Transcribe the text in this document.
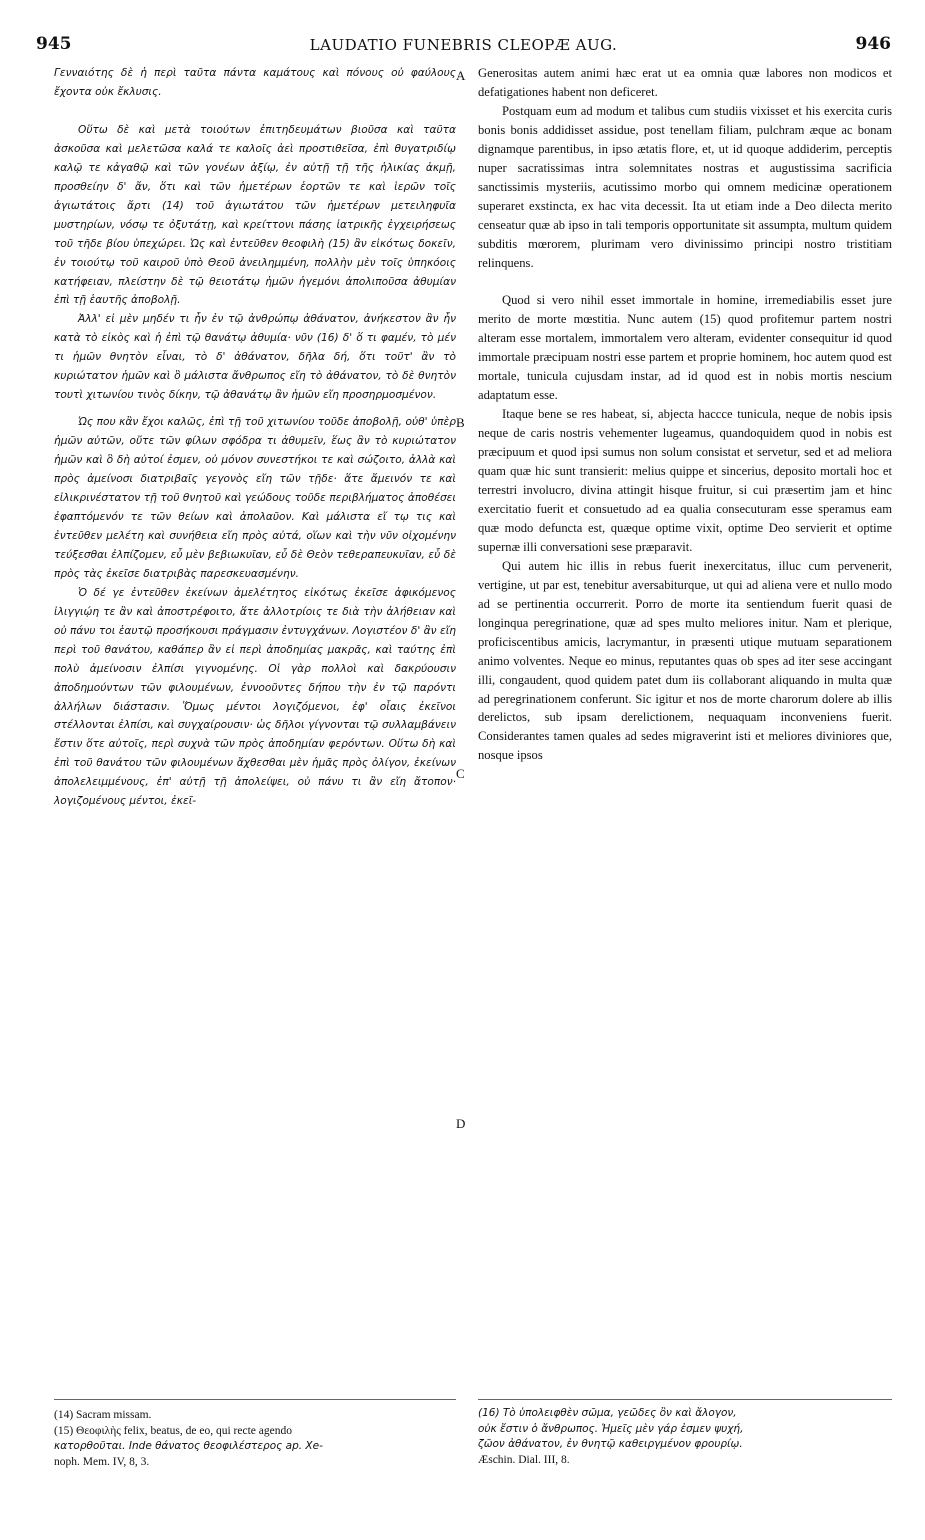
945	LAUDATIO FUNEBRIS CLEOPÆ AUG.	946

Γενναιότης δὲ ἡ περὶ ταῦτα πάντα καμάτους καὶ πόνους οὐ φαύλους ἔχοντα οὐκ ἔκλυσις.

Οὕτω δὲ καὶ μετὰ τοιούτων ἐπιτηδευμάτων βιοῦσα καὶ ταῦτα ἀσκοῦσα καὶ μελετῶσα καλά τε καλοῖς ἀεὶ προστιθεῖσα, ἐπὶ θυγατριδίῳ καλῷ τε κἀγαθῷ καὶ τῶν γονέων ἀξίῳ, ἐν αὐτῇ τῇ τῆς ἡλικίας ἀκμῇ, προσθείην δ' ἄν, ὅτι καὶ τῶν ἡμετέρων ἑορτῶν τε καὶ ἱερῶν τοῖς ἁγιωτάτοις ἄρτι (14) τοῦ ἁγιωτάτου τῶν ἡμετέρων μετειληφυῖα μυστηρίων, νόσῳ τε ὀξυτάτῃ, καὶ κρείττονι πάσης ἰατρικῆς ἐγχειρήσεως τοῦ τῆδε βίου ὑπεχώρει. Ὡς καὶ ἐντεῦθεν θεοφιλὴ (15) ἂν εἰκότως δοκεῖν, ἐν τοιούτῳ τοῦ καιροῦ ὑπὸ Θεοῦ ἀνειλημμένη, πολλὴν μὲν τοῖς ὑπηκόοις κατήφειαν, πλείστην δὲ τῷ θειοτάτῳ ἡμῶν ἡγεμόνι ἀπολιποῦσα ἀθυμίαν ἐπὶ τῇ ἑαυτῆς ἀποβολῇ.

Ἀλλ' εἰ μὲν μηδέν τι ἦν ἐν τῷ ἀνθρώπῳ ἀθάνατον, ἀνήκεστον ἂν ἦν κατὰ τὸ εἰκὸς καὶ ἡ ἐπὶ τῷ θανάτῳ ἀθυμία· νῦν (16) δ' ὅ τι φαμέν, τὸ μέν τι ἡμῶν θνητὸν εἶναι, τὸ δ' ἀθάνατον, δῆλα δή, ὅτι τοῦτ' ἂν τὸ κυριώτατον ἡμῶν καὶ ὃ μάλιστα ἄνθρωπος εἴη τὸ ἀθάνατον, τὸ δὲ θνητὸν τουτὶ χιτωνίου τινὸς δίκην, τῷ ἀθανάτῳ ἂν ἡμῶν εἴη προσηρμοσμένον.

Ὡς που κἂν ἔχοι καλῶς, ἐπὶ τῇ τοῦ χιτωνίου τοῦδε ἀποβολῇ, οὐθ' ὑπὲρ ἡμῶν αὐτῶν, οὔτε τῶν φίλων σφόδρα τι ἀθυμεῖν, ἕως ἂν τὸ κυριώτατον ἡμῶν καὶ ὃ δὴ αὐτοί ἐσμεν, οὐ μόνον συνεστήκοι τε καὶ σώζοιτο, ἀλλὰ καὶ πρὸς ἀμείνοσι διατριβαῖς γεγονὸς εἴη τῶν τῇδε· ἅτε ἄμεινόν τε καὶ εἰλικρινέστατον τῇ τοῦ θνητοῦ καὶ γεώδους τοῦδε περιβλήματος ἀποθέσει ἐφαπτόμενόν τε τῶν θείων καὶ ἀπολαῦον. Καὶ μάλιστα εἴ τῳ τις καὶ ἐντεῦθεν μελέτη καὶ συνήθεια εἴη πρὸς αὐτά, οἵων καὶ τὴν νῦν οἰχομένην τεύξεσθαι ἐλπίζομεν, εὖ μὲν βεβιωκυῖαν, εὖ δὲ Θεὸν τεθεραπευκυῖαν, εὖ δὲ πρὸς τὰς ἐκεῖσε διατριβὰς παρεσκευασμένην.

Ὁ δέ γε ἐντεῦθεν ἐκείνων ἀμελέτητος εἰκότως ἐκεῖσε ἀφικόμενος ἰλιγγιῴη τε ἂν καὶ ἀποστρέφοιτο, ἅτε ἀλλοτρίοις τε διὰ τὴν ἀλήθειαν καὶ οὐ πάνυ τοι ἑαυτῷ προσήκουσι πράγμασιν ἐντυγχάνων. Λογιστέον δ' ἂν εἴη περὶ τοῦ θανάτου, καθάπερ ἂν εἰ περὶ ἀποδημίας μακρᾶς, καὶ ταύτης ἐπὶ πολὺ ἀμείνοσιν ἐλπίσι γιγνομένης. Οἱ γὰρ πολλοὶ καὶ δακρύουσιν ἀποδημούντων τῶν φιλουμένων, ἐννοοῦντες δήπου τὴν ἐν τῷ παρόντι ἀλλήλων διάστασιν. Ὅμως μέντοι λογιζόμενοι, ἐφ' οἷαις ἐκεῖνοι στέλλονται ἐλπίσι, καὶ συγχαίρουσιν· ὡς δῆλοι γίγνονται τῷ συλλαμβάνειν ἔστιν ὅτε αὐτοῖς, περὶ συχνὰ τῶν πρὸς ἀποδημίαν φερόντων. Οὕτω δὴ καὶ ἐπὶ τοῦ θανάτου τῶν φιλουμένων ἄχθεσθαι μὲν ἡμᾶς πρὸς ὀλίγον, ἐκείνων ἀπολελειμμένους, ἐπ' αὐτῇ τῇ ἀπολείψει, οὐ πάνυ τι ἂν εἴη ἄτοπον· λογιζομένους μέντοι, ἐκεῖ-

Generositas autem animi hæc erat ut ea omnia quæ labores non modicos et defatigationes habent non deficeret.

Postquam eum ad modum et talibus cum studiis vixisset et his exercita curis bonis bonis addidisset assidue, post tenellam filiam, pulchram æque ac bonam dignamque parentibus, in ipso ætatis flore, et, ut id quoque addiderim, perceptis nuper sacratissimas intra solemnitates nostras et augustissima sacrificia sanctissimis mysteriis, acutissimo morbo qui omnem medicinæ operationem superaret exstincta, ex hac vita decessit. Ita ut etiam inde a Deo dilecta merito censeatur quæ ab ipso in tali temporis opportunitate sit assumpta, multum quidem subditis mœrorem, plurimam vero divinissimo principi nostro tristitiam relinquens.

Quod si vero nihil esset immortale in homine, irremediabilis esset jure merito de morte mœstitia. Nunc autem (15) quod profitemur partem nostri alteram esse mortalem, immortalem vero alteram, evidenter consequitur id quod immortale præcipuam nostri esse partem et proprie hominem, hoc autem quod est mortale, tunicula cujusdam instar, ad id quod est in nobis mortis nescium adaptatum esse.

Itaque bene se res habeat, si, abjecta haccce tunicula, neque de nobis ipsis neque de caris nostris vehementer lugeamus, quandoquidem quod in nobis est præcipuum et quod ipsi sumus non solum consistat et servetur, sed et ad meliora quam quæ hic sunt transierit: melius quippe et sincerius, deposito mortali hoc et terrestri involucro, divina attingit hisque fruitur, si cui præsertim jam et hinc exercitatio fuerit et consuetudo ad ea qualia consecuturam esse speramus eam quæ modo defuncta est, quæque optime vixit, optime Deo servierit et optime supernæ illi conversationi sese præparavit.

Qui autem hic illis in rebus fuerit inexercitatus, illuc cum pervenerit, vertigine, ut par est, tenebitur aversabiturque, ut qui ad aliena vere et nullo modo ad se pertinentia occurrerit. Porro de morte ita sentiendum fuerit quasi de longinqua peregrinatione, quæ ad spes multo meliores initur. Nam et plerique, proficiscentibus amicis, lacrymantur, in præsenti utique mutuam separationem animo volventes. Neque eo minus, reputantes quas ob spes ad iter sese accingant illi, congaudent, quod quidem patet dum iis collaborant aliquando in multa quæ ad peregrinationem conferunt. Sic igitur et nos de morte charorum dolere ab illis derelictos, sub ipsam derelictionem, nequaquam inconveniens fuerit. Considerantes tamen quales ad sedes migraverint isti et meliores diviniores que, nosque ipsos

A
B
C
D

(14) Sacram missam.

(15) Θεοφιλὴς felix, beatus, de eo, qui recte agendo

κατορθοῦται. Inde θάνατος θεοφιλέστερος ap. Xe-

noph. Mem. IV, 8, 3.

(16) Τὸ ὑπολειφθὲν σῶμα, γεῶδες ὂν καὶ ἄλογον,

οὐκ ἔστιν ὁ ἄνθρωπος. Ἡμεῖς μὲν γάρ ἐσμεν ψυχή,

ζῶον ἀθάνατον, ἐν θνητῷ καθειργμένον φρουρίῳ.

Æschin. Dial. III, 8.
